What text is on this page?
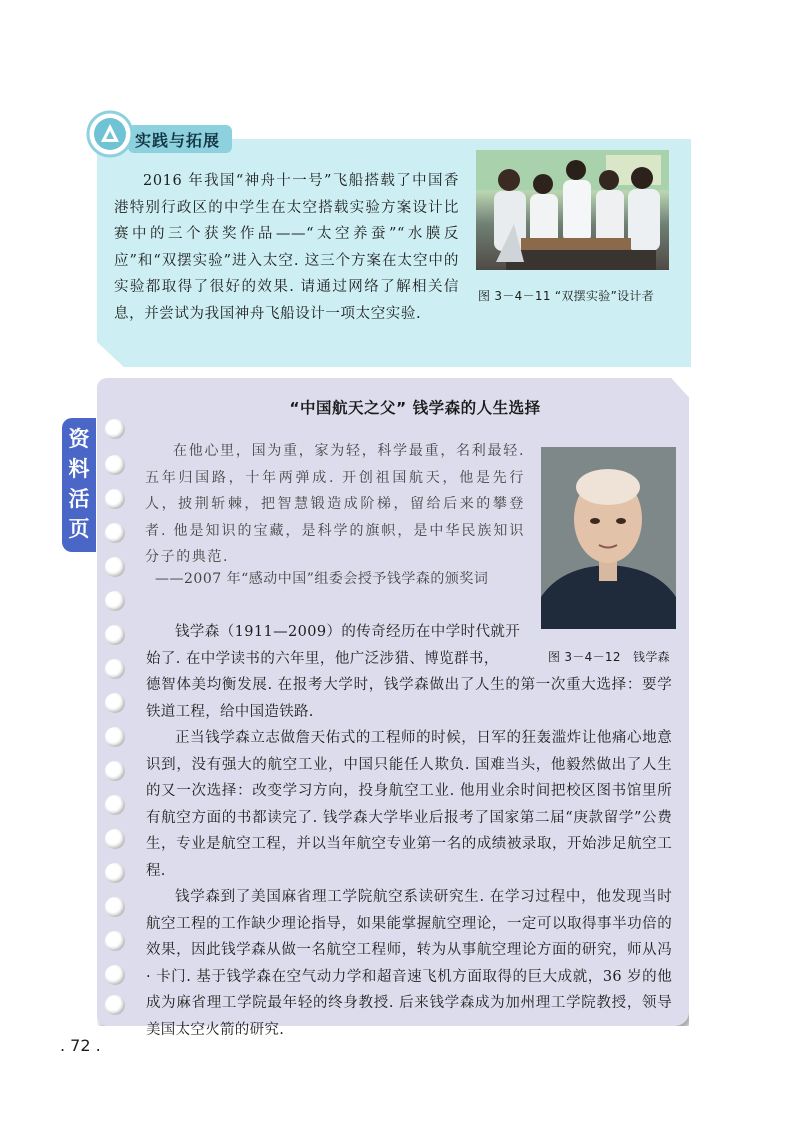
实践与拓展

2016 年我国“神舟十一号”飞船搭载了中国香港特别行政区的中学生在太空搭载实验方案设计比赛中的三个获奖作品——“太空养蚕”“水膜反应”和“双摆实验”进入太空. 这三个方案在太空中的实验都取得了很好的效果. 请通过网络了解相关信息，并尝试为我国神舟飞船设计一项太空实验.

图 3－4－11 “双摆实验”设计者
资料活页
“中国航天之父” 钱学森的人生选择

在他心里，国为重，家为轻，科学最重，名利最轻. 五年归国路，十年两弹成. 开创祖国航天，他是先行人，披荆斩棘，把智慧锻造成阶梯，留给后来的攀登者. 他是知识的宝藏，是科学的旗帜，是中华民族知识分子的典范.

——2007 年“感动中国”组委会授予钱学森的颁奖词
图 3－4－12　钱学森

钱学森（1911—2009）的传奇经历在中学时代就开

始了. 在中学读书的六年里，他广泛涉猎、博览群书，

德智体美均衡发展. 在报考大学时，钱学森做出了人生的第一次重大选择：要学铁道工程，给中国造铁路.

正当钱学森立志做詹天佑式的工程师的时候，日军的狂轰滥炸让他痛心地意识到，没有强大的航空工业，中国只能任人欺负. 国难当头，他毅然做出了人生的又一次选择：改变学习方向，投身航空工业. 他用业余时间把校区图书馆里所有航空方面的书都读完了. 钱学森大学毕业后报考了国家第二届“庚款留学”公费生，专业是航空工程，并以当年航空专业第一名的成绩被录取，开始涉足航空工程.

钱学森到了美国麻省理工学院航空系读研究生. 在学习过程中，他发现当时航空工程的工作缺少理论指导，如果能掌握航空理论，一定可以取得事半功倍的效果，因此钱学森从做一名航空工程师，转为从事航空理论方面的研究，师从冯 · 卡门. 基于钱学森在空气动力学和超音速飞机方面取得的巨大成就，36 岁的他成为麻省理工学院最年轻的终身教授. 后来钱学森成为加州理工学院教授，领导美国太空火箭的研究.

. 72 .
